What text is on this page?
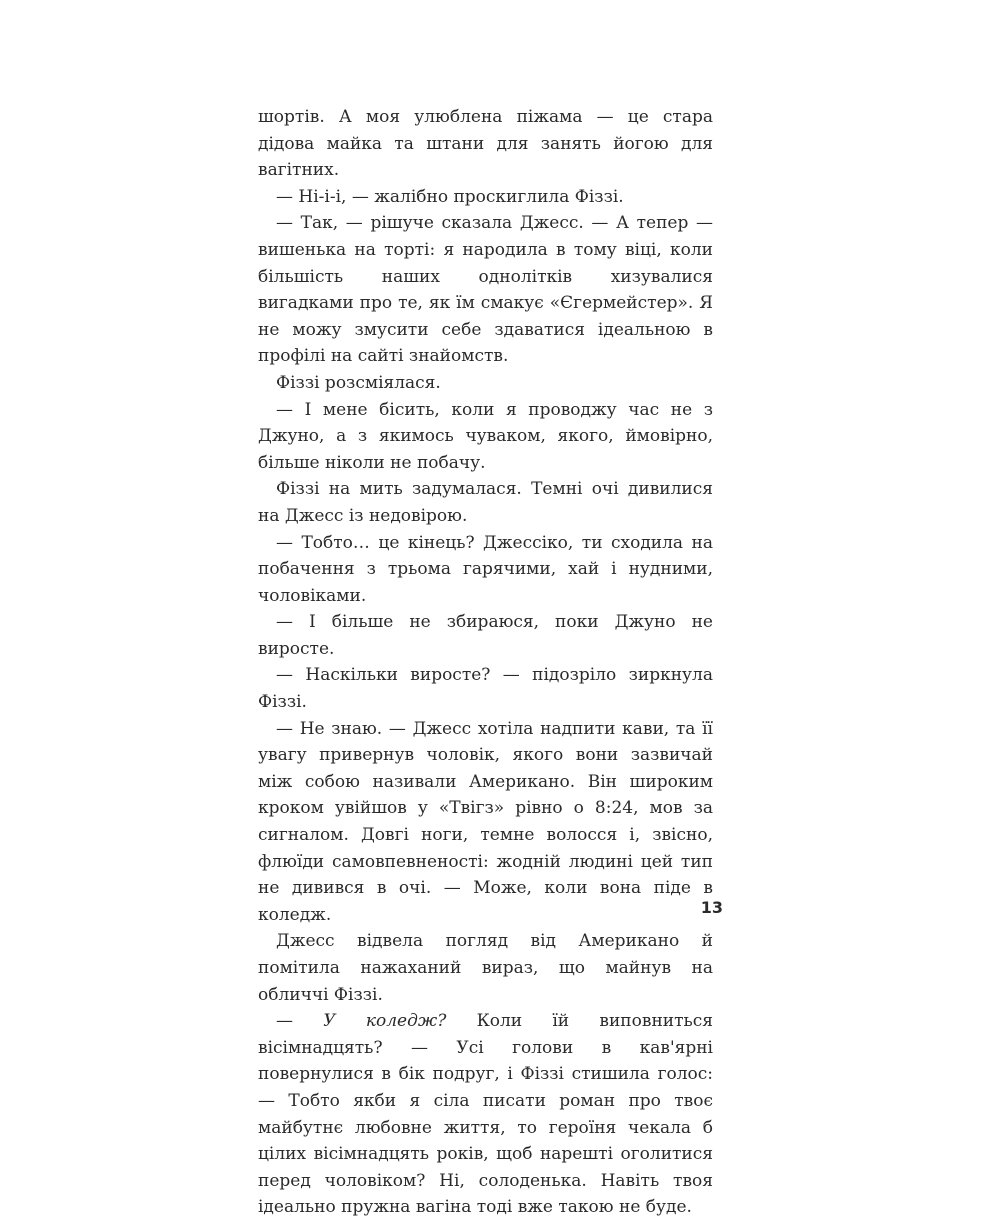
шортів. А моя улюблена піжама — це стара дідова майка та штани для занять йогою для вагітних.

— Ні-і-і, — жалібно проскиглила Фіззі.

— Так, — рішуче сказала Джесс. — А тепер — вишенька на торті: я народила в тому віці, коли більшість наших однолітків хизувалися вигадками про те, як їм смакує «Єгермейстер». Я не можу змусити себе здаватися ідеальною в профілі на сайті знайомств.

Фіззі розсміялася.

— І мене бісить, коли я проводжу час не з Джуно, а з якимось чуваком, якого, ймовірно, більше ніколи не побачу.

Фіззі на мить задумалася. Темні очі дивилися на Джесс із недовірою.

— Тобто… це кінець? Джессіко, ти сходила на побачення з трьома гарячими, хай і нудними, чоловіками.

— І більше не збираюся, поки Джуно не виросте.

— Наскільки виросте? — підозріло зиркнула Фіззі.

— Не знаю. — Джесс хотіла надпити кави, та її увагу привернув чоловік, якого вони зазвичай між собою називали Американо. Він широким кроком увійшов у «Твігз» рівно о 8:24, мов за сигналом. Довгі ноги, темне волосся і, звісно, флюїди самовпевненості: жодній людині цей тип не дивився в очі. — Може, коли вона піде в коледж.

Джесс відвела погляд від Американо й помітила нажаханий вираз, що майнув на обличчі Фіззі.

— У коледж? Коли їй виповниться вісімнадцять? — Усі голови в кав'ярні повернулися в бік подруг, і Фіззі стишила голос: — Тобто якби я сіла писати роман про твоє майбутнє любовне життя, то героїня чекала б цілих вісімнадцять років, щоб нарешті оголитися перед чоловіком? Ні, солоденька. Навіть твоя ідеально пружна вагіна тоді вже такою не буде.

13
